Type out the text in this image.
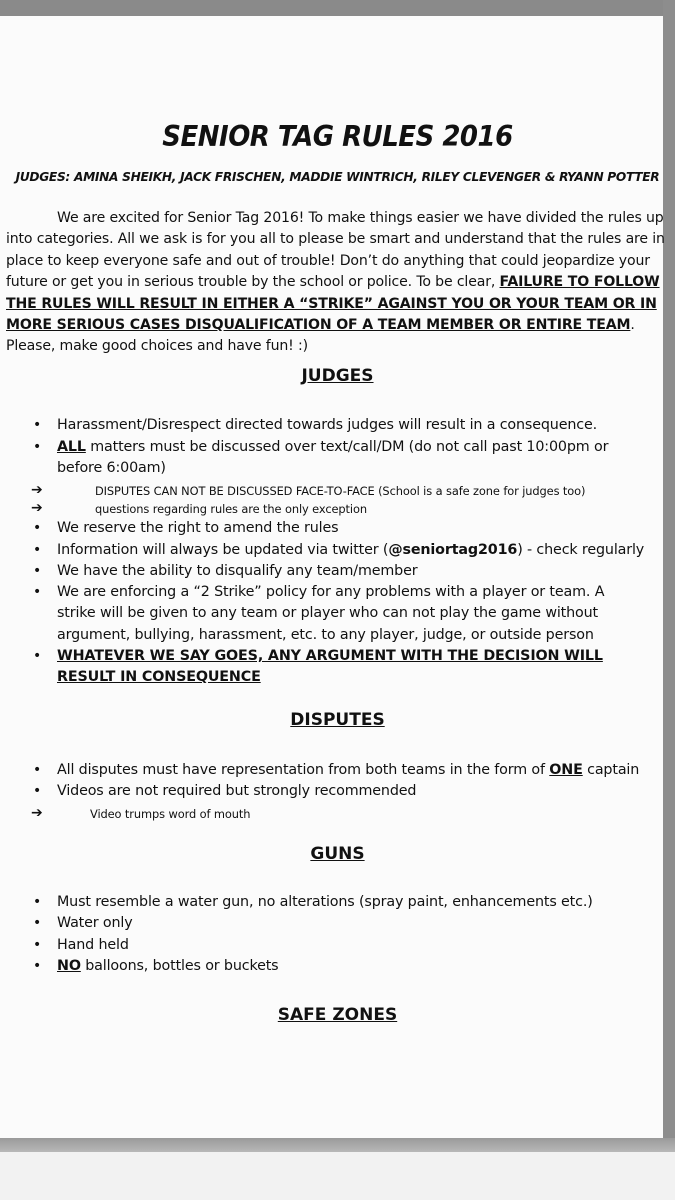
SENIOR TAG RULES 2016
JUDGES: AMINA SHEIKH, JACK FRISCHEN, MADDIE WINTRICH, RILEY CLEVENGER & RYANN POTTER
We are excited for Senior Tag 2016! To make things easier we have divided the rules up into categories. All we ask is for you all to please be smart and understand that the rules are in place to keep everyone safe and out of trouble! Don’t do anything that could jeopardize your future or get you in serious trouble by the school or police. To be clear, FAILURE TO FOLLOW THE RULES WILL RESULT IN EITHER A “STRIKE” AGAINST YOU OR YOUR TEAM OR IN MORE SERIOUS CASES DISQUALIFICATION OF A TEAM MEMBER OR ENTIRE TEAM. Please, make good choices and have fun! :)
JUDGES
• Harassment/Disrespect directed towards judges will result in a consequence.
• ALL matters must be discussed over text/call/DM (do not call past 10:00pm or before 6:00am)
➔	DISPUTES CAN NOT BE DISCUSSED FACE-TO-FACE (School is a safe zone for judges too)
➔	questions regarding rules are the only exception
• We reserve the right to amend the rules
• Information will always be updated via twitter (@seniortag2016) - check regularly
• We have the ability to disqualify any team/member
• We are enforcing a “2 Strike” policy for any problems with a player or team. A strike will be given to any team or player who can not play the game without argument, bullying, harassment, etc. to any player, judge, or outside person
• WHATEVER WE SAY GOES, ANY ARGUMENT WITH THE DECISION WILL RESULT IN CONSEQUENCE
DISPUTES
• All disputes must have representation from both teams in the form of ONE captain
• Videos are not required but strongly recommended
➔	Video trumps word of mouth
GUNS
• Must resemble a water gun, no alterations (spray paint, enhancements etc.)
• Water only
• Hand held
• NO balloons, bottles or buckets
SAFE ZONES
